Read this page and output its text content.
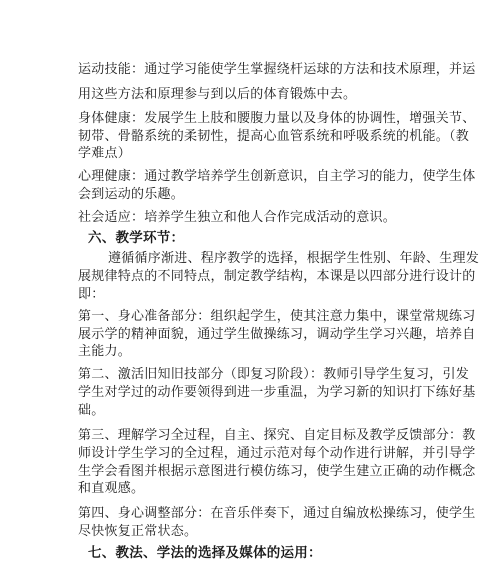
运动技能：通过学习能使学生掌握绕杆运球的方法和技术原理，并运
用这些方法和原理参与到以后的体育锻炼中去。
身体健康：发展学生上肢和腰腹力量以及身体的协调性，增强关节、
韧带、骨骼系统的柔韧性，提高心血管系统和呼吸系统的机能。（教
学难点）
心理健康：通过教学培养学生创新意识，自主学习的能力，使学生体
会到运动的乐趣。
社会适应：培养学生独立和他人合作完成活动的意识。
六、教学环节：
遵循循序渐进、程序教学的选择，根据学生性别、年龄、生理发
展规律特点的不同特点，制定教学结构，本课是以四部分进行设计的
即：
第一、身心准备部分：组织起学生，使其注意力集中，课堂常规练习
展示学的精神面貌，通过学生做操练习，调动学生学习兴趣，培养自
主能力。
第二、激活旧知旧技部分（即复习阶段）：教师引导学生复习，引发
学生对学过的动作要领得到进一步重温，为学习新的知识打下练好基
础。
第三、理解学习全过程，自主、探究、自定目标及教学反馈部分：教
师设计学生学习的全过程，通过示范对每个动作进行讲解，并引导学
生学会看图并根据示意图进行模仿练习，使学生建立正确的动作概念
和直观感。
第四、身心调整部分：在音乐伴奏下，通过自编放松操练习，使学生
尽快恢复正常状态。
七、教法、学法的选择及媒体的运用：
